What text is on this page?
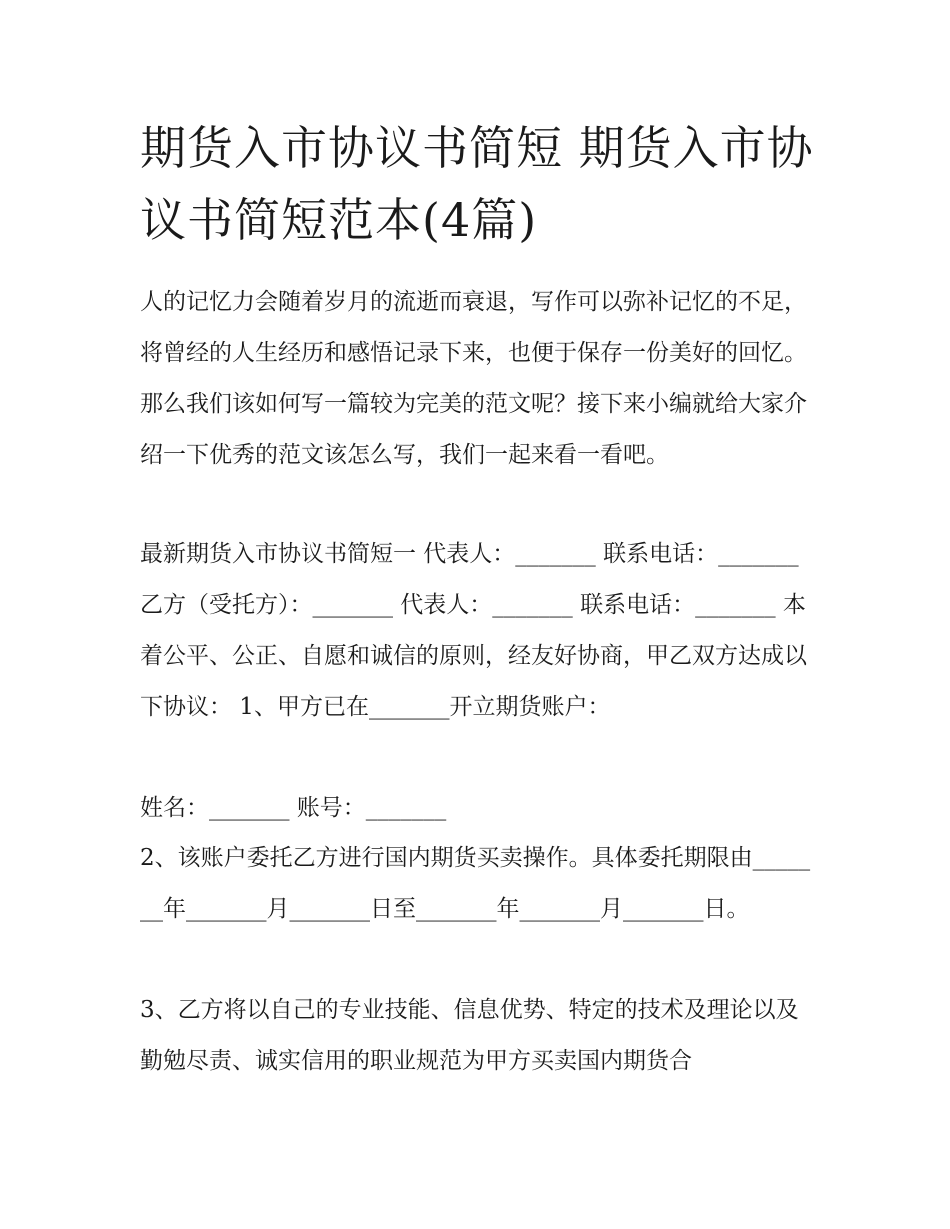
期货入市协议书简短 期货入市协议书简短范本(4篇)

人的记忆力会随着岁月的流逝而衰退，写作可以弥补记忆的不足，将曾经的人生经历和感悟记录下来，也便于保存一份美好的回忆。那么我们该如何写一篇较为完美的范文呢？接下来小编就给大家介绍一下优秀的范文该怎么写，我们一起来看一看吧。

最新期货入市协议书简短一 代表人：_______ 联系电话：_______ 乙方（受托方）：_______ 代表人：_______ 联系电话：_______ 本着公平、公正、自愿和诚信的原则，经友好协商，甲乙双方达成以下协议： 1、甲方已在_______开立期货账户：

姓名：_______ 账号：_______

2、该账户委托乙方进行国内期货买卖操作。具体委托期限由_______年_______月_______日至_______年_______月_______日。

3、乙方将以自己的专业技能、信息优势、特定的技术及理论以及勤勉尽责、诚实信用的职业规范为甲方买卖国内期货合
